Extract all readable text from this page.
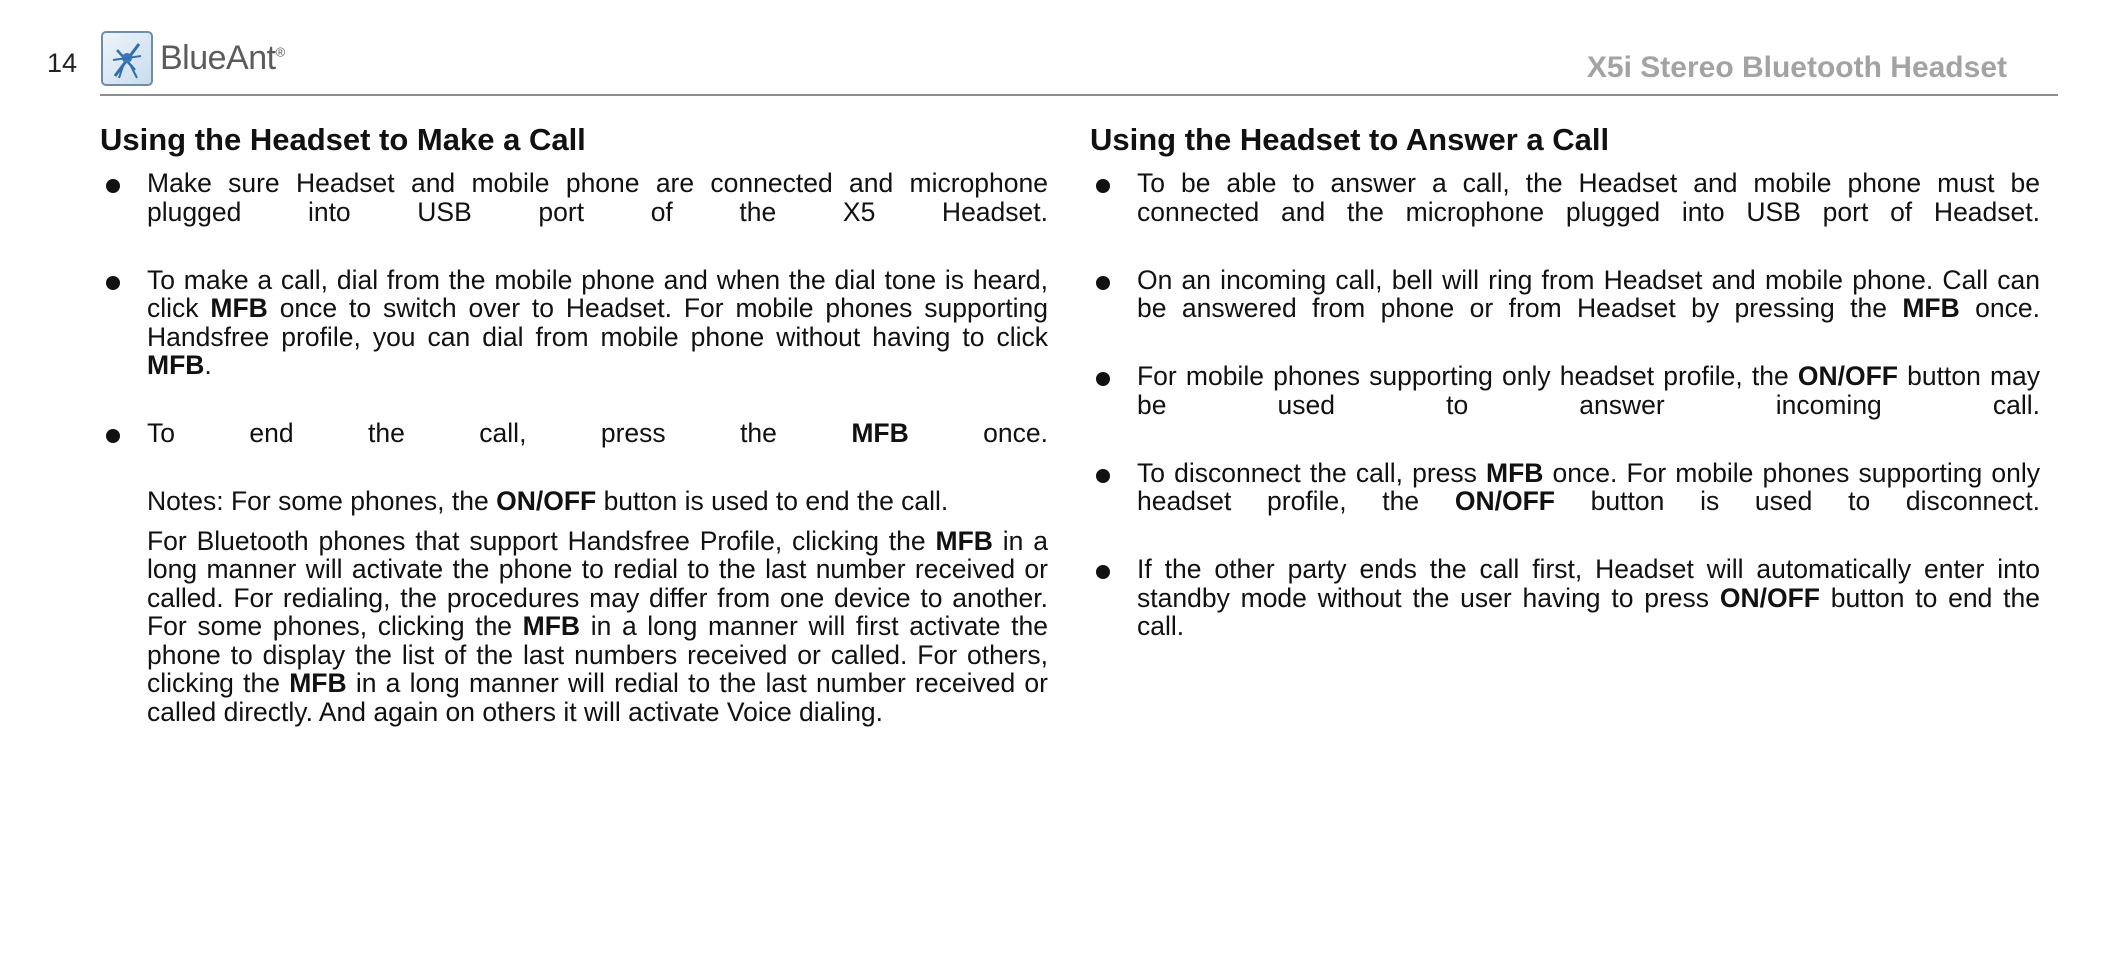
14 BlueAnt®	X5i Stereo Bluetooth Headset
Using the Headset to Make a Call
Make sure Headset and mobile phone are connected and microphone plugged into USB port of the X5 Headset.
To make a call, dial from the mobile phone and when the dial tone is heard, click MFB once to switch over to Headset. For mobile phones supporting Handsfree profile, you can dial from mobile phone without having to click MFB.
To end the call, press the MFB once.

Notes: For some phones, the ON/OFF button is used to end the call.

For Bluetooth phones that support Handsfree Profile, clicking the MFB in a long manner will activate the phone to redial to the last number received or called. For redialing, the procedures may differ from one device to another. For some phones, clicking the MFB in a long manner will first activate the phone to display the list of the last numbers received or called. For others, clicking the MFB in a long manner will redial to the last number received or called directly. And again on others it will activate Voice dialing.

Using the Headset to Answer a Call
To be able to answer a call, the Headset and mobile phone must be connected and the microphone plugged into USB port of Headset.
On an incoming call, bell will ring from Headset and mobile phone. Call can be answered from phone or from Headset by pressing the MFB once.
For mobile phones supporting only headset profile, the ON/OFF button may be used to answer incoming call.
To disconnect the call, press MFB once. For mobile phones supporting only headset profile, the ON/OFF button is used to disconnect.
If the other party ends the call first, Headset will automatically enter into standby mode without the user having to press ON/OFF button to end the call.
